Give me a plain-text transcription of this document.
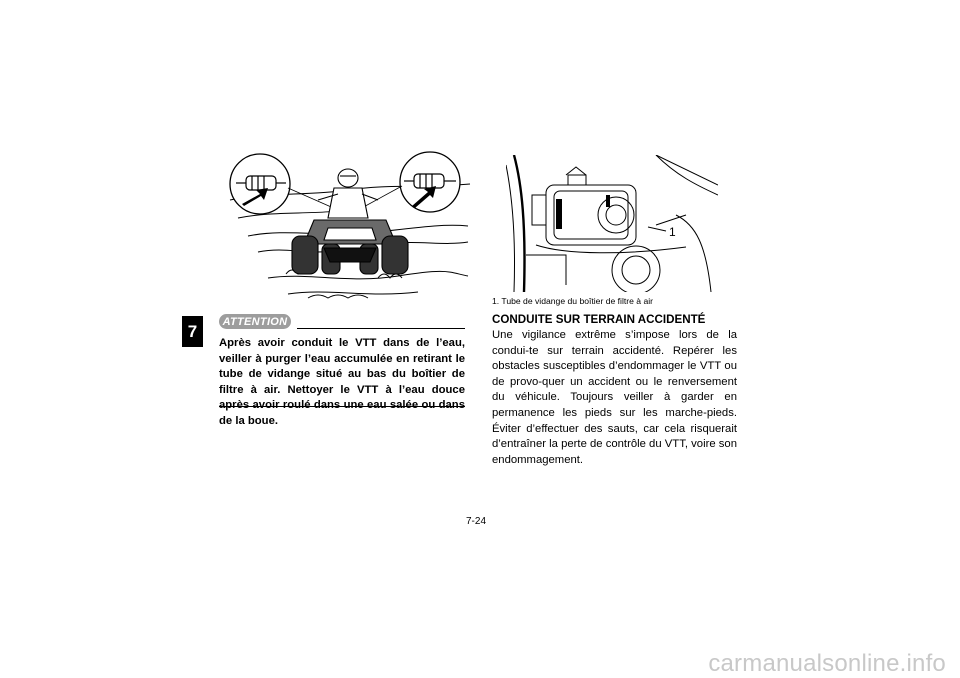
7
1
1. Tube de vidange du boîtier de filtre à air
ATTENTION
Après avoir conduit le VTT dans de l’eau, veiller à purger l’eau accumulée en retirant le tube de vidange situé au bas du boîtier de filtre à air. Nettoyer le VTT à l’eau douce après avoir roulé dans une eau salée ou dans de la boue.
CONDUITE SUR TERRAIN ACCIDENTÉ
Une vigilance extrême s’impose lors de la condui-te sur terrain accidenté. Repérer les obstacles susceptibles d’endommager le VTT ou de provo-quer un accident ou le renversement du véhicule. Toujours veiller à garder en permanence les pieds sur les marche-pieds. Éviter d’effectuer des sauts, car cela risquerait d’entraîner la perte de contrôle du VTT, voire son endommagement.
7-24
carmanualsonline.info
